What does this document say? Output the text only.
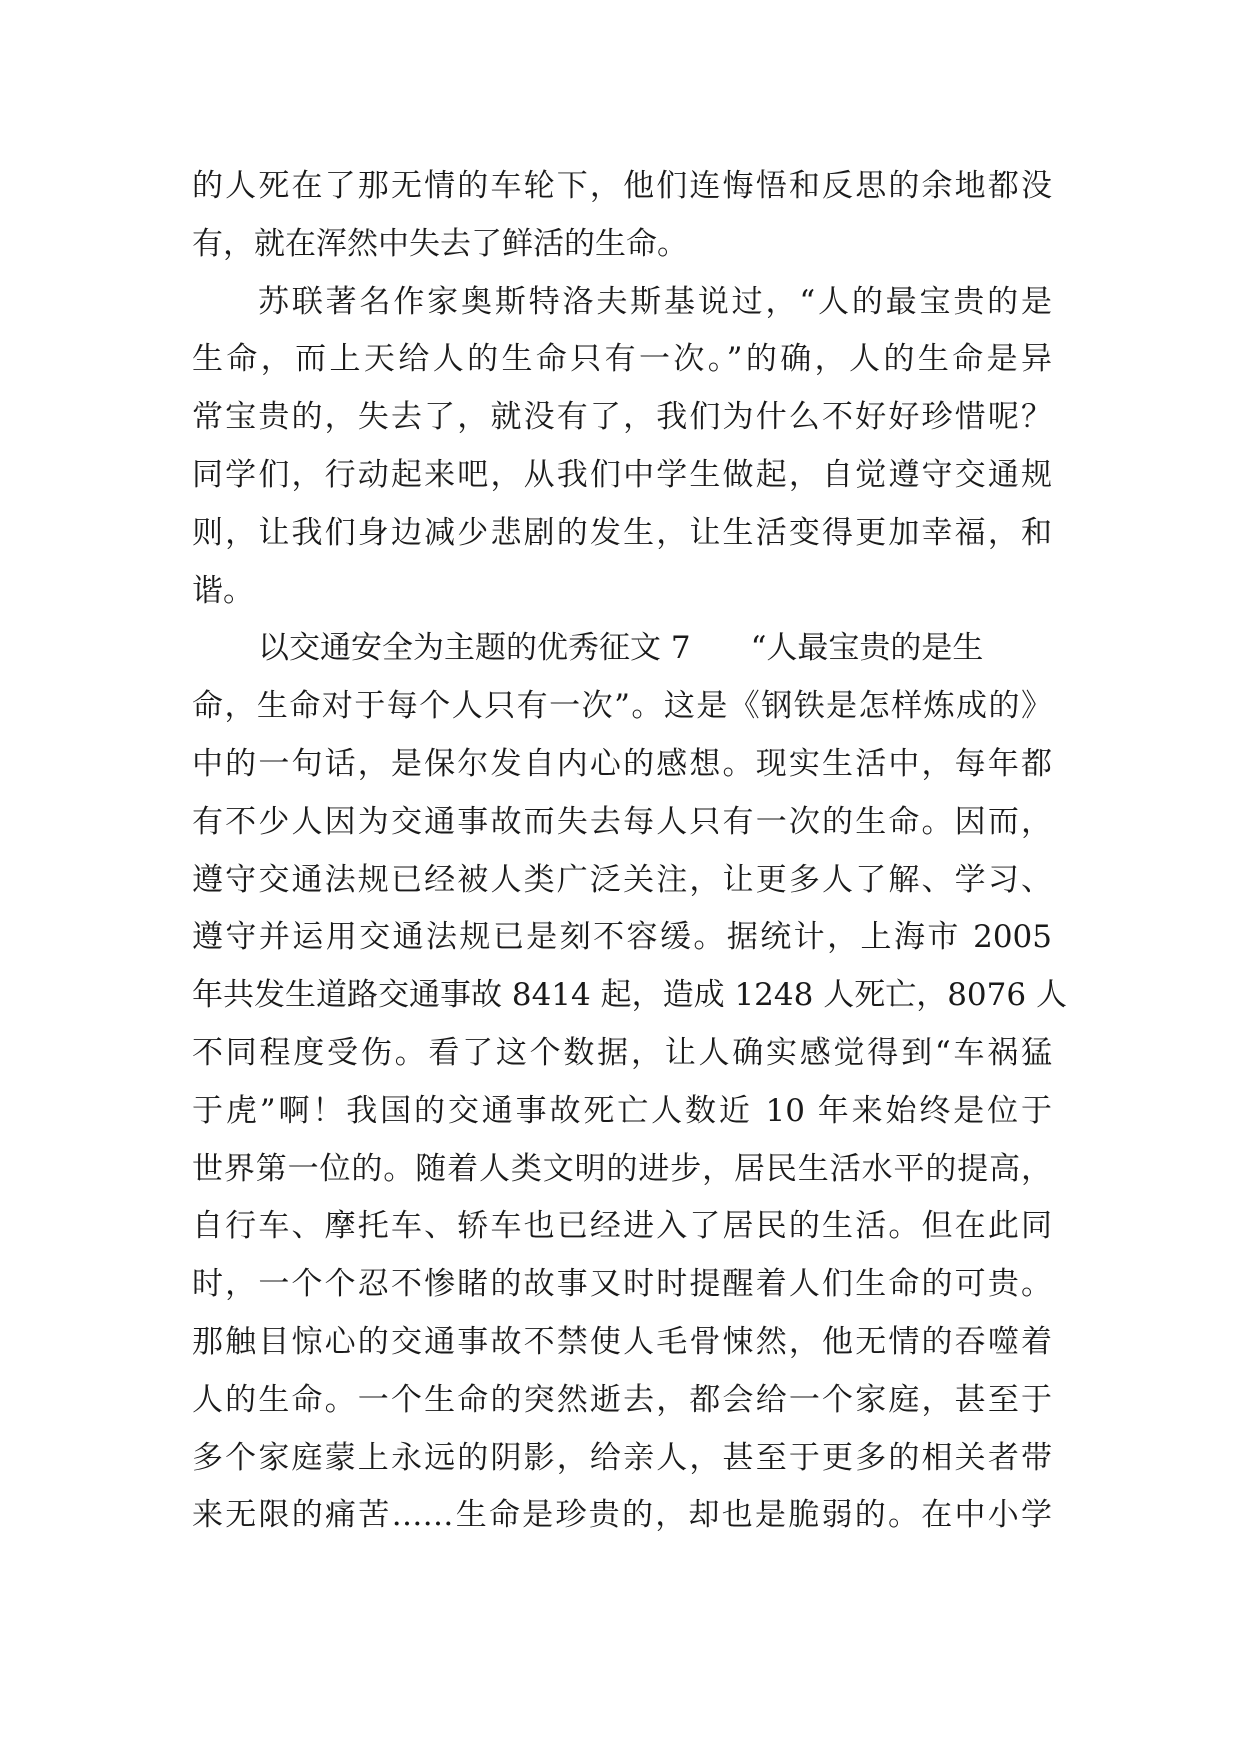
的人死在了那无情的车轮下，他们连悔悟和反思的余地都没
有，就在浑然中失去了鲜活的生命。
苏联著名作家奥斯特洛夫斯基说过，“人的最宝贵的是
生命，而上天给人的生命只有一次。”的确，人的生命是异
常宝贵的，失去了，就没有了，我们为什么不好好珍惜呢？
同学们，行动起来吧，从我们中学生做起，自觉遵守交通规
则，让我们身边减少悲剧的发生，让生活变得更加幸福，和
谐。
以交通安全为主题的优秀征文 7 “人最宝贵的是生
命，生命对于每个人只有一次”。这是《钢铁是怎样炼成的》
中的一句话，是保尔发自内心的感想。现实生活中，每年都
有不少人因为交通事故而失去每人只有一次的生命。因而，
遵守交通法规已经被人类广泛关注，让更多人了解、学习、
遵守并运用交通法规已是刻不容缓。据统计，上海市 2005
年共发生道路交通事故 8414 起，造成 1248 人死亡，8076 人
不同程度受伤。看了这个数据，让人确实感觉得到“车祸猛
于虎”啊！我国的交通事故死亡人数近 10 年来始终是位于
世界第一位的。随着人类文明的进步，居民生活水平的提高，
自行车、摩托车、轿车也已经进入了居民的生活。但在此同
时，一个个忍不惨睹的故事又时时提醒着人们生命的可贵。
那触目惊心的交通事故不禁使人毛骨悚然，他无情的吞噬着
人的生命。一个生命的突然逝去，都会给一个家庭，甚至于
多个家庭蒙上永远的阴影，给亲人，甚至于更多的相关者带
来无限的痛苦……生命是珍贵的，却也是脆弱的。在中小学
